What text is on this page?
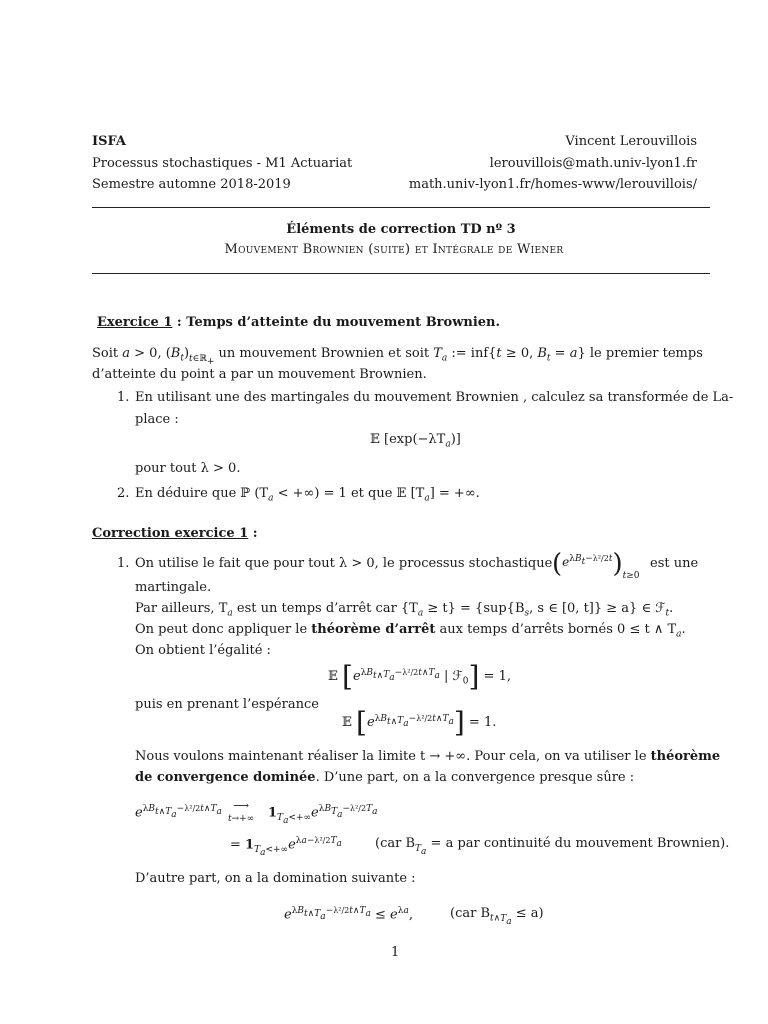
ISFA
Processus stochastiques - M1 Actuariat
Semestre automne 2018-2019
Vincent Lerouvillois
lerouvillois@math.univ-lyon1.fr
math.univ-lyon1.fr/homes-www/lerouvillois/
Éléments de correction TD nº 3
Mouvement Brownien (suite) et Intégrale de Wiener
Exercice 1 : Temps d’atteinte du mouvement Brownien.
Soit a > 0, $(B_t)_{t\in ℝ_+}$ un mouvement Brownien et soit $T_a$ := inf{t ≥ 0, $B_t = a$} le premier temps
d’atteinte du point a par un mouvement Brownien.
1. En utilisant une des martingales du mouvement Brownien , calculez sa transformée de La-
place :
𝔼 $[\exp(-\lambda T_a)]$
pour tout λ > 0.
2. En déduire que ℙ ($T_a$ < +∞) = 1 et que 𝔼 $[T_a]$ = +∞.
Correction exercice 1 :
1. On utilise le fait que pour tout λ > 0, le processus stochastique $(^{e^{\lambda B_t-\lambda^2/2t}})_{t\ge 0}$
est une
martingale.
Par ailleurs, $T_a$ est un temps d’arrêt car $\{T_a \ge t\} = \{sup\{B_s$, s ∈ [0, t]} ≥ a} ∈ ℱ$_t$.
On peut donc appliquer le théorème d’arrêt aux temps d’arrêts bornés 0 ≤ t ∧ $T_a$.
On obtient l’égalité :
𝔼 [$e^{\lambda B_{t\wedge T_a}-\lambda^2/2t\wedge T_a}$ | ℱ$_0$] = 1,
puis en prenant l’espérance
𝔼 $[e^{\lambda B_{t\wedge T_a}-\lambda^2/2t\wedge T_a}] = 1$.
Nous voulons maintenant réaliser la limite t → +∞. Pour cela, on va utiliser le théorème
de convergence dominée. D’une part, on a la convergence presque sûre :
$e^{\lambda B_{t\wedge T_a}-\lambda^2/2t\wedge T_a}$	⟶
t→+∞ $1_{T_a<+\infty}e^{\lambda B_{T_a}-\lambda^2/2T_a}$
= $1_{T_a<+\infty}e^{\lambda a-\lambda^2/2T_a}$	(car $B_{T_a} = a$ par continuité du mouvement Brownien).
D’autre part, on a la domination suivante :
$e^{\lambda B_{t\wedge T_a}-\lambda^2/2t\wedge T_a} \le e^{\lambda a}$,	(car $B_{t\wedge T_a} \le a$)
1
